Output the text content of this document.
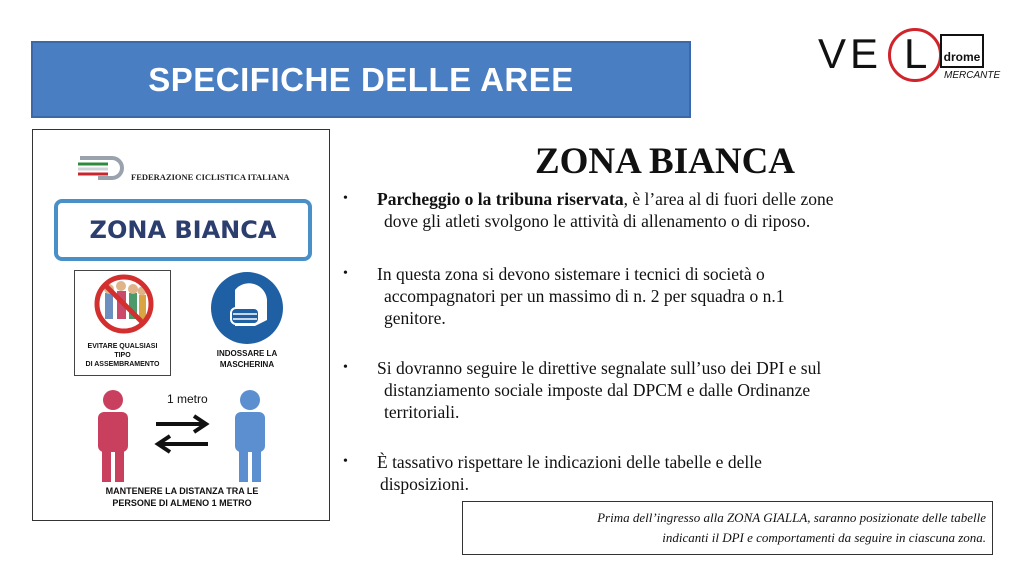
SPECIFICHE DELLE AREE
VE L drome
MERCANTE
FEDERAZIONE CICLISTICA ITALIANA
ZONA BIANCA
EVITARE QUALSIASI
TIPO
DI ASSEMBRAMENTO
INDOSSARE LA
MASCHERINA
1 metro
MANTENERE LA DISTANZA TRA LE
PERSONE DI ALMENO 1 METRO
ZONA BIANCA
• Parcheggio o la tribuna riservata, è l’area al di fuori delle zone
dove gli atleti svolgono le attività di allenamento o di riposo.
• In questa zona si devono sistemare i tecnici di società o
accompagnatori per un massimo di n. 2 per squadra o n.1
genitore.
• Si dovranno seguire le direttive segnalate sull’uso dei DPI e sul
distanziamento sociale imposte dal DPCM e dalle Ordinanze
territoriali.
• È tassativo rispettare le indicazioni delle tabelle e delle
disposizioni.
Prima dell’ingresso alla ZONA GIALLA, saranno posizionate delle tabelle
indicanti il DPI e comportamenti da seguire in ciascuna zona.
